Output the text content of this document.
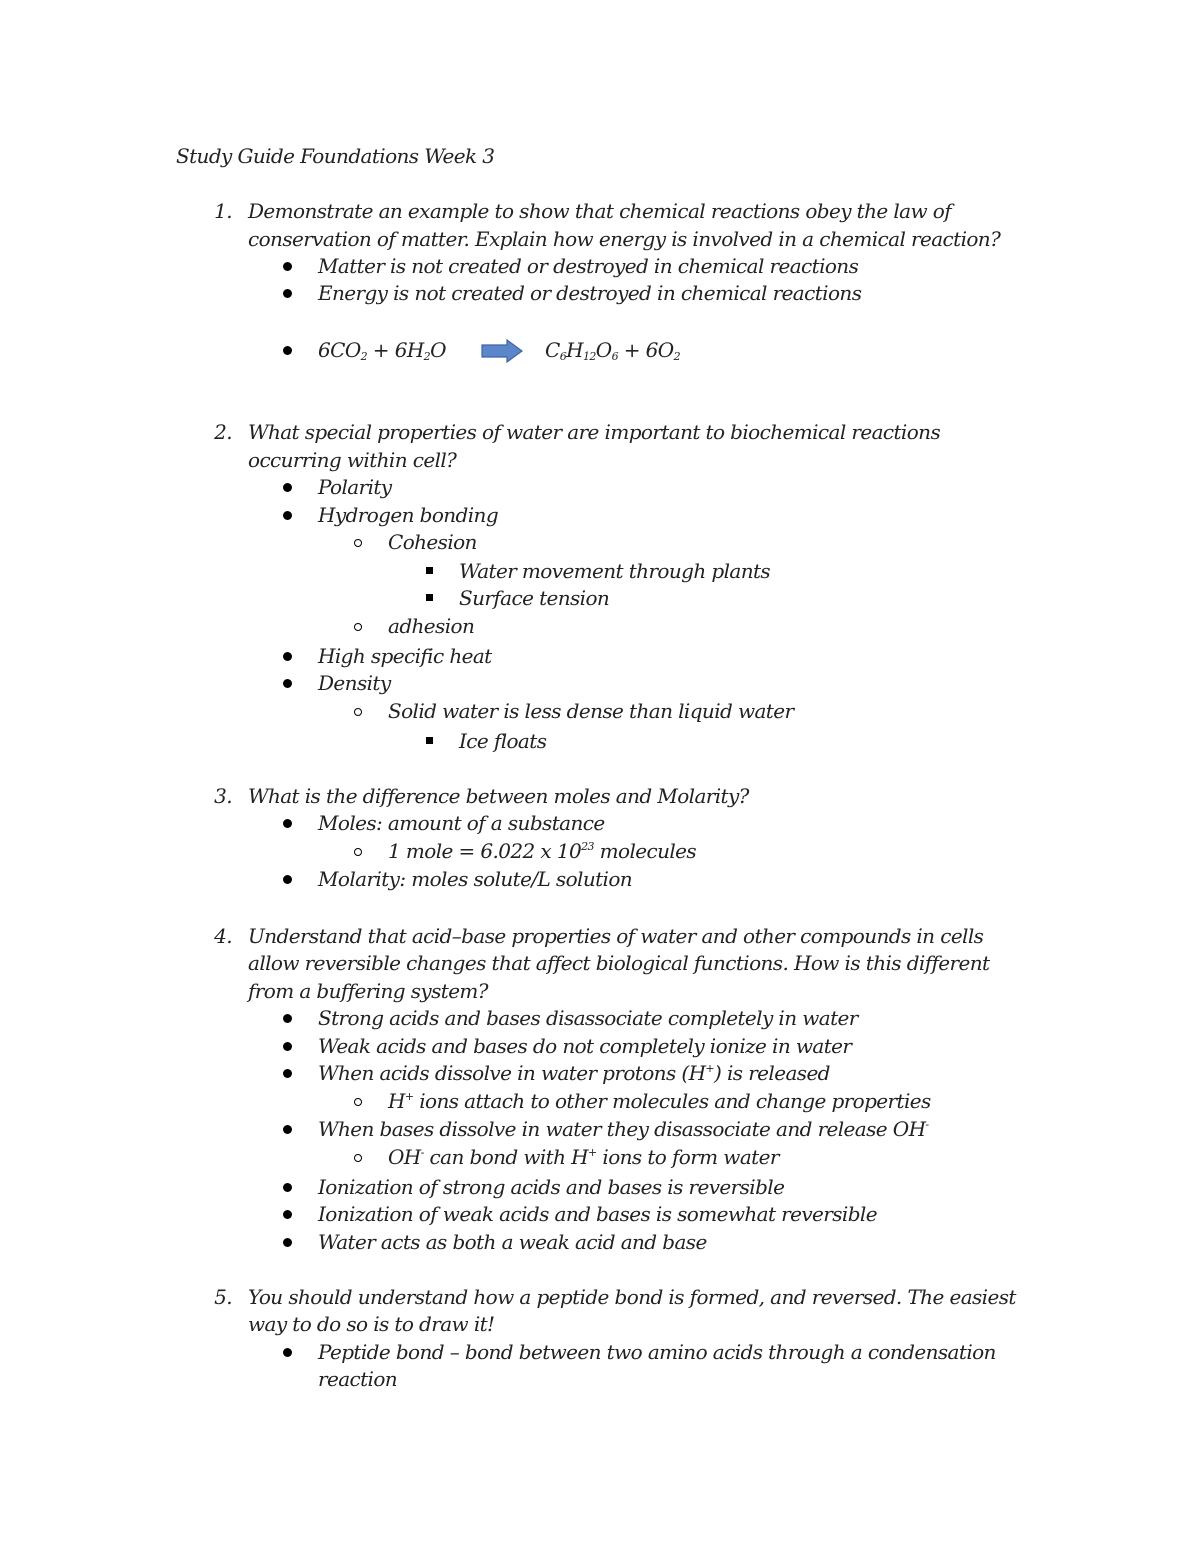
Study Guide Foundations Week 3
1. Demonstrate an example to show that chemical reactions obey the law of
conservation of matter. Explain how energy is involved in a chemical reaction?
Matter is not created or destroyed in chemical reactions
Energy is not created or destroyed in chemical reactions
$6CO_2 + 6H_2O \to C_6H_{12}O_6 + 6O_2$
2. What special properties of water are important to biochemical reactions
occurring within cell?
Polarity
Hydrogen bonding
Cohesion
Water movement through plants
Surface tension
adhesion
High specific heat
Density
Solid water is less dense than liquid water
Ice floats
3. What is the difference between moles and Molarity?
Moles: amount of a substance
1 mole = 6.022 x $10^{23}$ molecules
Molarity: moles solute/L solution
4. Understand that acid–base properties of water and other compounds in cells
allow reversible changes that affect biological functions. How is this different
from a buffering system?
Strong acids and bases disassociate completely in water
Weak acids and bases do not completely ionize in water
When acids dissolve in water protons (H+) is released
H+ ions attach to other molecules and change properties
When bases dissolve in water they disassociate and release OH-
OH- can bond with H+ ions to form water
Ionization of strong acids and bases is reversible
Ionization of weak acids and bases is somewhat reversible
Water acts as both a weak acid and base
5. You should understand how a peptide bond is formed, and reversed. The easiest
way to do so is to draw it!
Peptide bond – bond between two amino acids through a condensation
reaction
